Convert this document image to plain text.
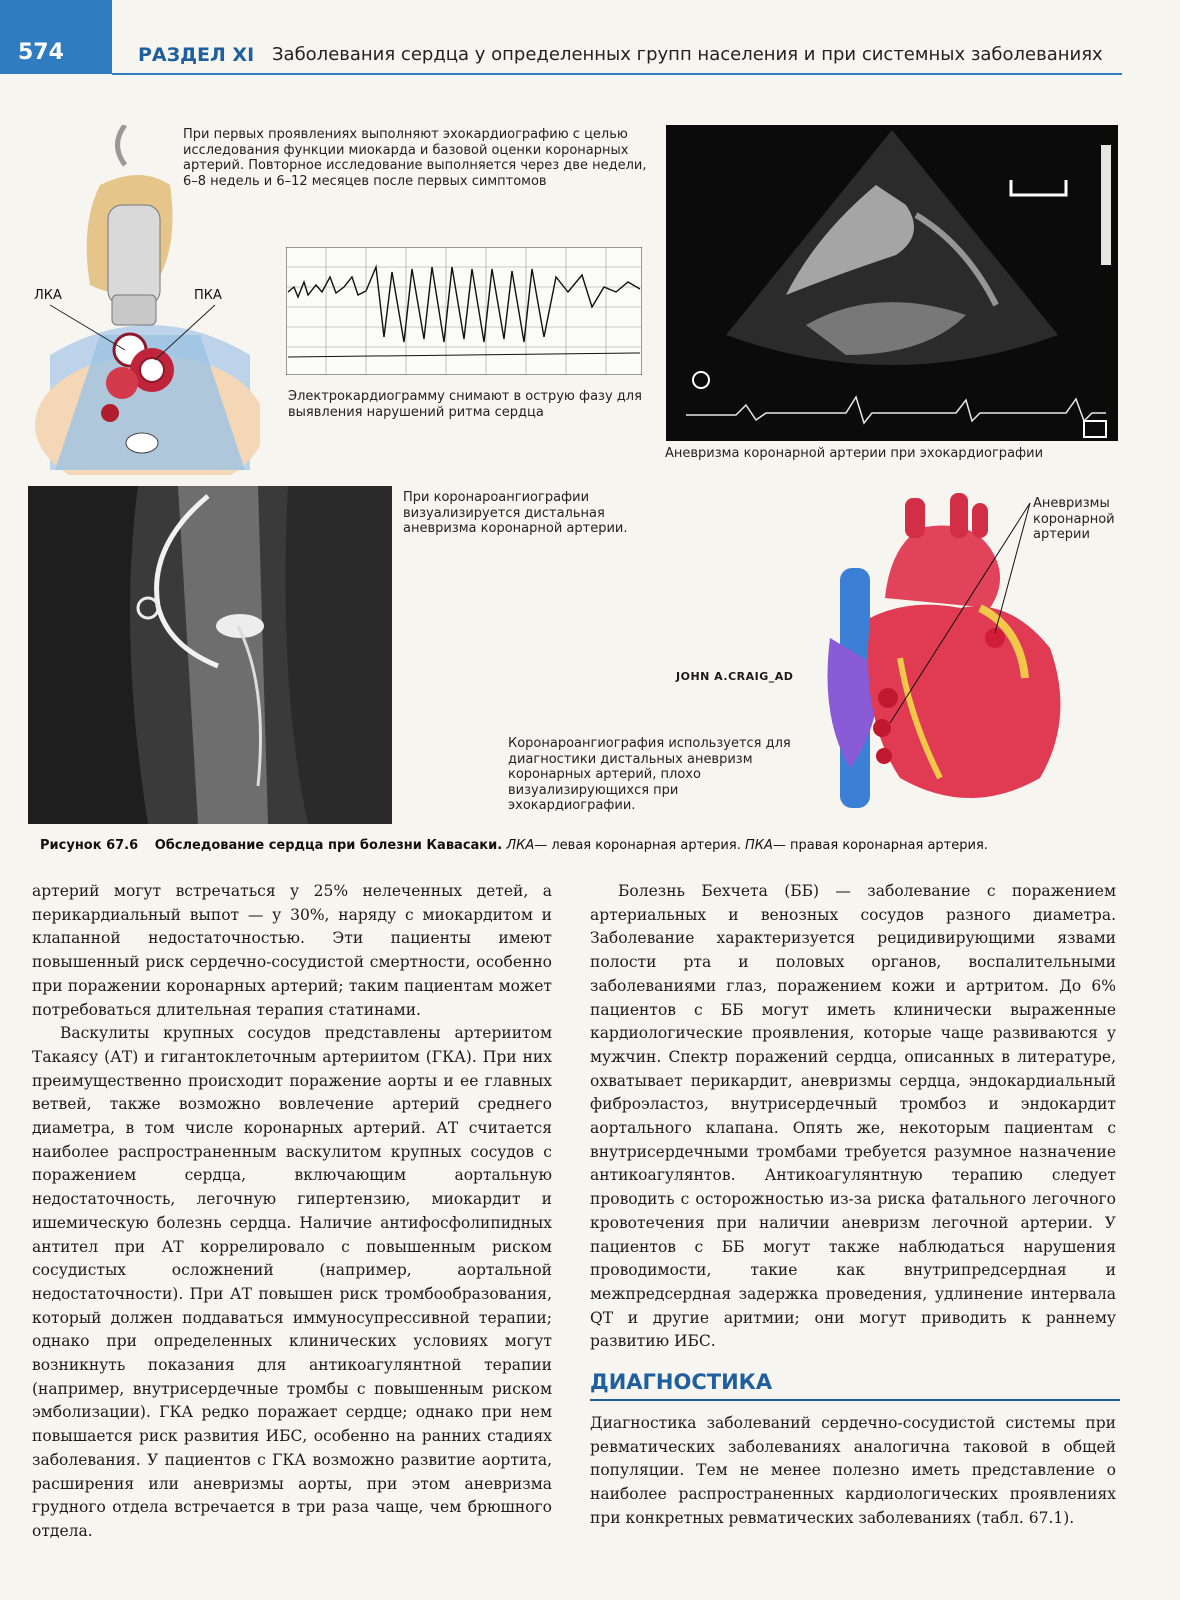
574	РАЗДЕЛ XI Заболевания сердца у определенных групп населения и при системных заболеваниях
ЛКА	ПКА
При первых проявлениях выполняют эхокардиографию с целью исследования функции миокарда и базовой оценки коронарных артерий. Повторное исследование выполняется через две недели, 6–8 недель и 6–12 месяцев после первых симптомов
Электрокардиограмму снимают в острую фазу для выявления нарушений ритма сердца
Аневризма коронарной артерии при эхокардиографии
При коронароангиографии визуализируется дистальная аневризма коронарной артерии.
Аневризмы коронарной артерии
JOHN A.CRAIG_AD
Коронароангиография используется для диагностики дистальных аневризм коронарных артерий, плохо визуализирующихся при эхокардиографии.
Рисунок 67.6 Обследование сердца при болезни Кавасаки. ЛКА— левая коронарная артерия. ПКА— правая коронарная артерия.

артерий могут встречаться у 25% нелеченных детей, а перикардиальный выпот — у 30%, наряду с миокардитом и клапанной недостаточностью. Эти пациенты имеют повышенный риск сердечно-сосудистой смертности, особенно при поражении коронарных артерий; таким пациентам может потребоваться длительная терапия статинами.

Васкулиты крупных сосудов представлены артериитом Такаясу (АТ) и гигантоклеточным артериитом (ГКА). При них преимущественно происходит поражение аорты и ее главных ветвей, также возможно вовлечение артерий среднего диаметра, в том числе коронарных артерий. АТ считается наиболее распространенным васкулитом крупных сосудов с поражением сердца, включающим аортальную недостаточность, легочную гипертензию, миокардит и ишемическую болезнь сердца. Наличие антифосфолипидных антител при АТ коррелировало с повышенным риском сосудистых осложнений (например, аортальной недостаточности). При АТ повышен риск тромбообразования, который должен поддаваться иммуносупрессивной терапии; однако при определенных клинических условиях могут возникнуть показания для антикоагулянтной терапии (например, внутрисердечные тромбы с повышенным риском эмболизации). ГКА редко поражает сердце; однако при нем повышается риск развития ИБС, особенно на ранних стадиях заболевания. У пациентов с ГКА возможно развитие аортита, расширения или аневризмы аорты, при этом аневризма грудного отдела встречается в три раза чаще, чем брюшного отдела.

Болезнь Бехчета (ББ) — заболевание с поражением артериальных и венозных сосудов разного диаметра. Заболевание характеризуется рецидивирующими язвами полости рта и половых органов, воспалительными заболеваниями глаз, поражением кожи и артритом. До 6% пациентов с ББ могут иметь клинически выраженные кардиологические проявления, которые чаще развиваются у мужчин. Спектр поражений сердца, описанных в литературе, охватывает перикардит, аневризмы сердца, эндокардиальный фиброэластоз, внутрисердечный тромбоз и эндокардит аортального клапана. Опять же, некоторым пациентам с внутрисердечными тромбами требуется разумное назначение антикоагулянтов. Антикоагулянтную терапию следует проводить с осторожностью из-за риска фатального легочного кровотечения при наличии аневризм легочной артерии. У пациентов с ББ могут также наблюдаться нарушения проводимости, такие как внутрипредсердная и межпредсердная задержка проведения, удлинение интервала QT и другие аритмии; они могут приводить к раннему развитию ИБС.

ДИАГНОСТИКА

Диагностика заболеваний сердечно-сосудистой системы при ревматических заболеваниях аналогична таковой в общей популяции. Тем не менее полезно иметь представление о наиболее распространенных кардиологических проявлениях при конкретных ревматических заболеваниях (табл. 67.1).
